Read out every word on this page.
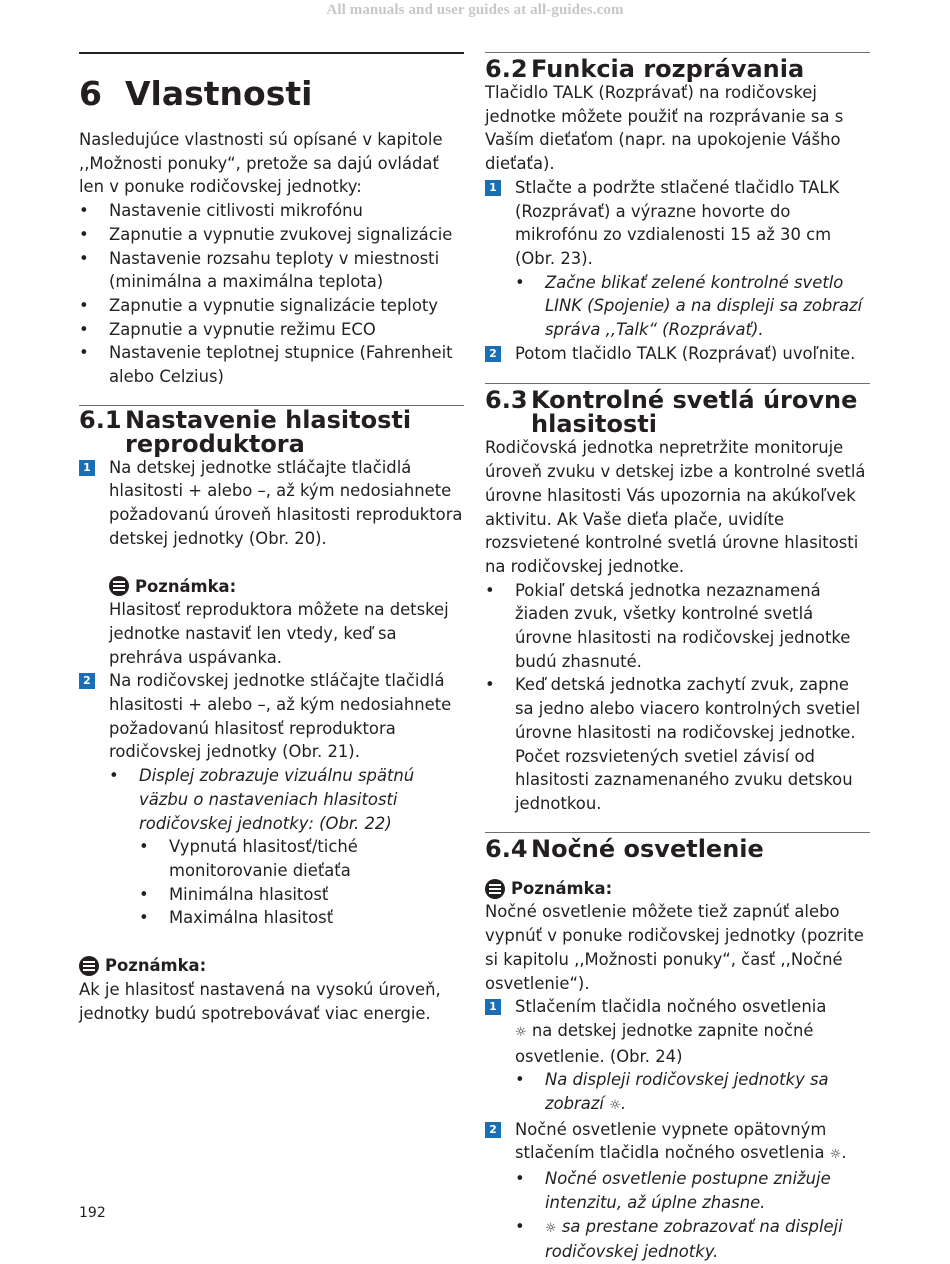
All manuals and user guides at all-guides.com
6 Vlastnosti

Nasledujúce vlastnosti sú opísané v kapitole ,,Možnosti ponuky“, pretože sa dajú ovládať len v ponuke rodičovskej jednotky:

• Nastavenie citlivosti mikrofónu
• Zapnutie a vypnutie zvukovej signalizácie
• Nastavenie rozsahu teploty v miestnosti (minimálna a maximálna teplota)
• Zapnutie a vypnutie signalizácie teploty
• Zapnutie a vypnutie režimu ECO
• Nastavenie teplotnej stupnice (Fahrenheit alebo Celzius)
6.1 Nastavenie hlasitosti reproduktora
1 Na detskej jednotke stláčajte tlačidlá hlasitosti + alebo –, až kým nedosiahnete požadovanú úroveň hlasitosti reproduktora detskej jednotky (Obr. 20).
Poznámka:

Hlasitosť reproduktora môžete na detskej jednotke nastaviť len vtedy, keď sa prehráva uspávanka.

2 Na rodičovskej jednotke stláčajte tlačidlá hlasitosti + alebo –, až kým nedosiahnete požadovanú hlasitosť reproduktora rodičovskej jednotky (Obr. 21).
• Displej zobrazuje vizuálnu spätnú väzbu o nastaveniach hlasitosti rodičovskej jednotky: (Obr. 22)
• Vypnutá hlasitosť/tiché monitorovanie dieťaťa
• Minimálna hlasitosť
• Maximálna hlasitosť
Poznámka:

Ak je hlasitosť nastavená na vysokú úroveň, jednotky budú spotrebovávať viac energie.

6.2 Funkcia rozprávania

Tlačidlo TALK (Rozprávať) na rodičovskej jednotke môžete použiť na rozprávanie sa s Vaším dieťaťom (napr. na upokojenie Vášho dieťaťa).

1 Stlačte a podržte stlačené tlačidlo TALK (Rozprávať) a výrazne hovorte do mikrofónu zo vzdialenosti 15 až 30 cm (Obr. 23).
• Začne blikať zelené kontrolné svetlo LINK (Spojenie) a na displeji sa zobrazí správa ,,Talk“ (Rozprávať).
2 Potom tlačidlo TALK (Rozprávať) uvoľnite.
6.3 Kontrolné svetlá úrovne hlasitosti

Rodičovská jednotka nepretržite monitoruje úroveň zvuku v detskej izbe a kontrolné svetlá úrovne hlasitosti Vás upozornia na akúkoľvek aktivitu. Ak Vaše dieťa plače, uvidíte rozsvietené kontrolné svetlá úrovne hlasitosti na rodičovskej jednotke.

• Pokiaľ detská jednotka nezaznamená žiaden zvuk, všetky kontrolné svetlá úrovne hlasitosti na rodičovskej jednotke budú zhasnuté.
• Keď detská jednotka zachytí zvuk, zapne sa jedno alebo viacero kontrolných svetiel úrovne hlasitosti na rodičovskej jednotke. Počet rozsvietených svetiel závisí od hlasitosti zaznamenaného zvuku detskou jednotkou.
6.4 Nočné osvetlenie
Poznámka:

Nočné osvetlenie môžete tiež zapnúť alebo vypnúť v ponuke rodičovskej jednotky (pozrite si kapitolu ,,Možnosti ponuky“, časť ,,Nočné osvetlenie“).

1 Stlačením tlačidla nočného osvetlenia
☼ na detskej jednotke zapnite nočné osvetlenie. (Obr. 24)
• Na displeji rodičovskej jednotky sa zobrazí ☼.
2 Nočné osvetlenie vypnete opätovným stlačením tlačidla nočného osvetlenia ☼.
• Nočné osvetlenie postupne znižuje intenzitu, až úplne zhasne.
• ☼ sa prestane zobrazovať na displeji rodičovskej jednotky.
192
